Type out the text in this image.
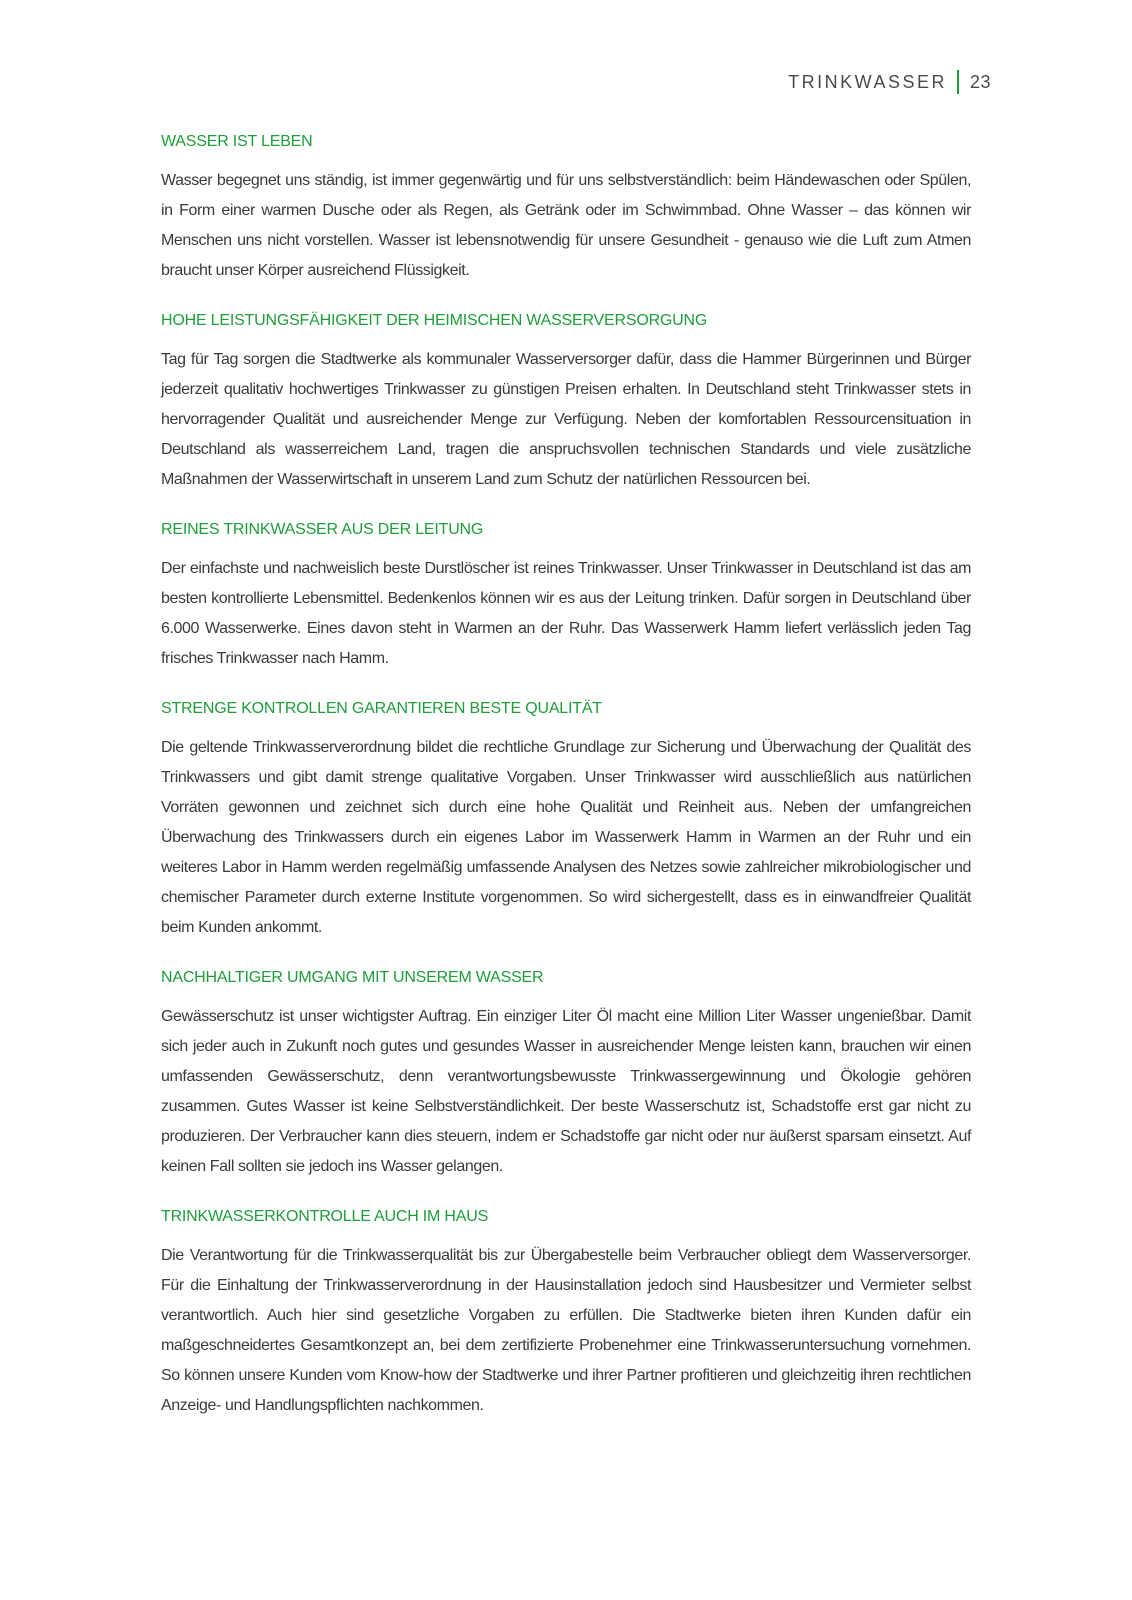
TRINKWASSER 23
WASSER IST LEBEN

Wasser begegnet uns ständig, ist immer gegenwärtig und für uns selbstverständlich: beim Händewaschen oder Spülen, in Form einer warmen Dusche oder als Regen, als Getränk oder im Schwimmbad. Ohne Wasser – das können wir Menschen uns nicht vorstellen. Wasser ist lebensnotwendig für unsere Gesundheit - genauso wie die Luft zum Atmen braucht unser Körper ausreichend Flüssigkeit.

HOHE LEISTUNGSFÄHIGKEIT DER HEIMISCHEN WASSERVERSORGUNG

Tag für Tag sorgen die Stadtwerke als kommunaler Wasserversorger dafür, dass die Hammer Bürgerinnen und Bürger jederzeit qualitativ hochwertiges Trinkwasser zu günstigen Preisen erhalten. In Deutschland steht Trinkwasser stets in hervorragender Qualität und ausreichender Menge zur Verfügung. Neben der komfortablen Ressourcensituation in Deutschland als wasserreichem Land, tragen die anspruchsvollen technischen Standards und viele zusätzliche Maßnahmen der Wasserwirtschaft in unserem Land zum Schutz der natürlichen Ressourcen bei.

REINES TRINKWASSER AUS DER LEITUNG

Der einfachste und nachweislich beste Durstlöscher ist reines Trinkwasser. Unser Trinkwasser in Deutschland ist das am besten kontrollierte Lebensmittel. Bedenkenlos können wir es aus der Leitung trinken. Dafür sorgen in Deutschland über 6.000 Wasserwerke. Eines davon steht in Warmen an der Ruhr. Das Wasserwerk Hamm liefert verlässlich jeden Tag frisches Trinkwasser nach Hamm.

STRENGE KONTROLLEN GARANTIEREN BESTE QUALITÄT

Die geltende Trinkwasserverordnung bildet die rechtliche Grundlage zur Sicherung und Überwachung der Qualität des Trinkwassers und gibt damit strenge qualitative Vorgaben. Unser Trinkwasser wird ausschließlich aus natürlichen Vorräten gewonnen und zeichnet sich durch eine hohe Qualität und Reinheit aus. Neben der umfangreichen Überwachung des Trinkwassers durch ein eigenes Labor im Wasserwerk Hamm in Warmen an der Ruhr und ein weiteres Labor in Hamm werden regelmäßig umfassende Analysen des Netzes sowie zahlreicher mikrobiologischer und chemischer Parameter durch externe Institute vorgenommen. So wird sichergestellt, dass es in einwandfreier Qualität beim Kunden ankommt.

NACHHALTIGER UMGANG MIT UNSEREM WASSER

Gewässerschutz ist unser wichtigster Auftrag. Ein einziger Liter Öl macht eine Million Liter Wasser ungenießbar. Damit sich jeder auch in Zukunft noch gutes und gesundes Wasser in ausreichender Menge leisten kann, brauchen wir einen umfassenden Gewässerschutz, denn verantwortungsbewusste Trinkwassergewinnung und Ökologie gehören zusammen. Gutes Wasser ist keine Selbstverständlichkeit. Der beste Wasserschutz ist, Schadstoffe erst gar nicht zu produzieren. Der Verbraucher kann dies steuern, indem er Schadstoffe gar nicht oder nur äußerst sparsam einsetzt. Auf keinen Fall sollten sie jedoch ins Wasser gelangen.

TRINKWASSERKONTROLLE AUCH IM HAUS

Die Verantwortung für die Trinkwasserqualität bis zur Übergabestelle beim Verbraucher obliegt dem Wasserversorger. Für die Einhaltung der Trinkwasserverordnung in der Hausinstallation jedoch sind Hausbesitzer und Vermieter selbst verantwortlich. Auch hier sind gesetzliche Vorgaben zu erfüllen. Die Stadtwerke bieten ihren Kunden dafür ein maßgeschneidertes Gesamtkonzept an, bei dem zertifizierte Probenehmer eine Trinkwasseruntersuchung vornehmen. So können unsere Kunden vom Know-how der Stadtwerke und ihrer Partner profitieren und gleichzeitig ihren rechtlichen Anzeige- und Handlungspflichten nachkommen.
